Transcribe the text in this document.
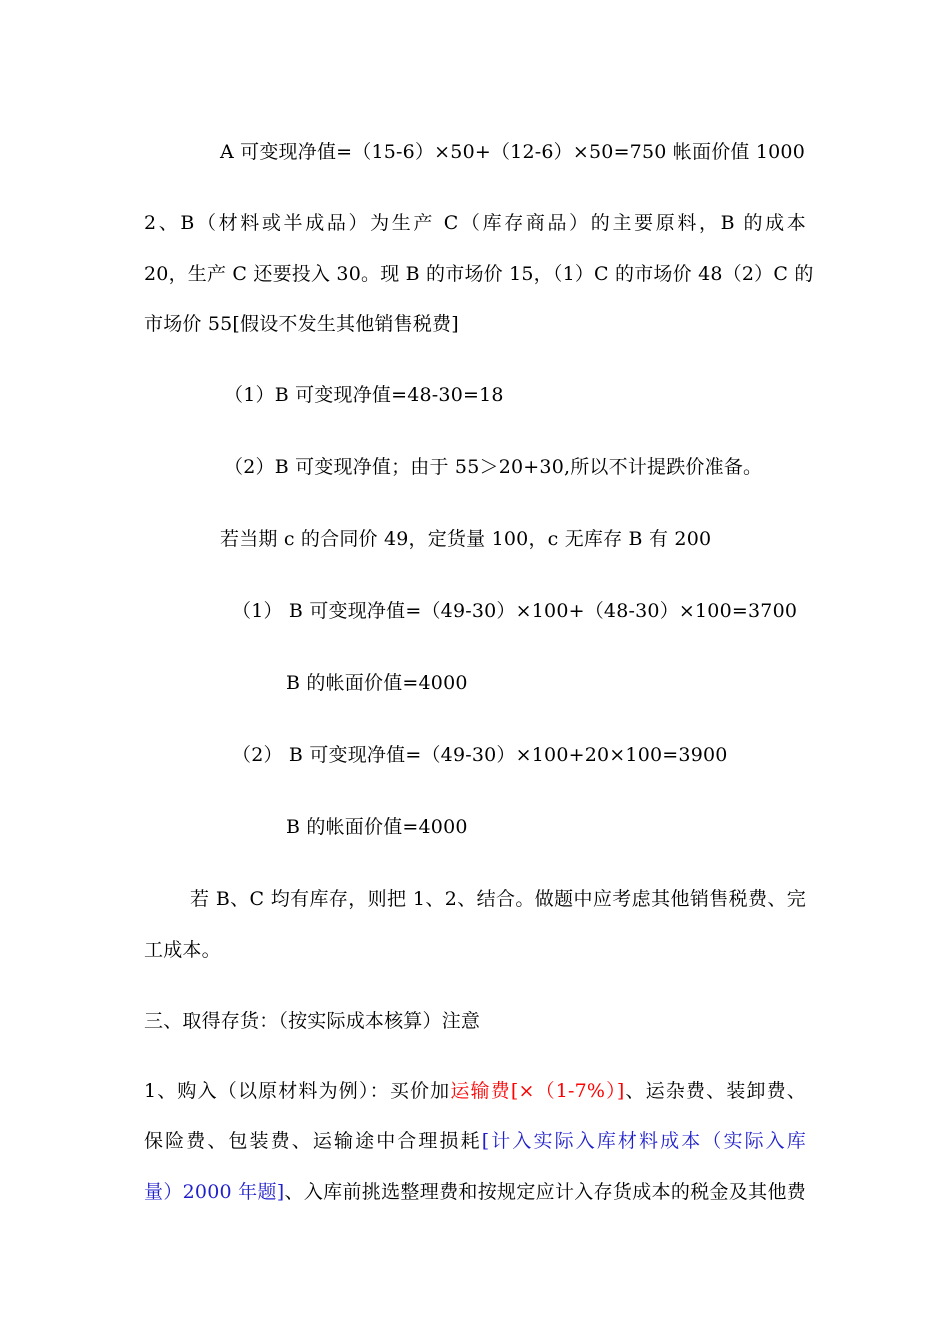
A 可变现净值=（15-6）×50+（12-6）×50=750 帐面价值 1000
2、B（材料或半成品）为生产 C（库存商品）的主要原料，B 的成本
20，生产 C 还要投入 30。现 B 的市场价 15，（1）C 的市场价 48（2）C 的
市场价 55[假设不发生其他销售税费]
（1）B 可变现净值=48-30=18
（2）B 可变现净值；由于 55＞20+30,所以不计提跌价准备。
若当期 c 的合同价 49，定货量 100，c 无库存 B 有 200
（1） B 可变现净值=（49-30）×100+（48-30）×100=3700
B 的帐面价值=4000
（2） B 可变现净值=（49-30）×100+20×100=3900
B 的帐面价值=4000
若 B、C 均有库存，则把 1、2、结合。做题中应考虑其他销售税费、完
工成本。
三、取得存货：（按实际成本核算）注意
1、购入（以原材料为例）：买价加运输费[×（1-7%）]、运杂费、装卸费、
保险费、包装费、运输途中合理损耗[计入实际入库材料成本（实际入库
量）2000 年题]、入库前挑选整理费和按规定应计入存货成本的税金及其他费
